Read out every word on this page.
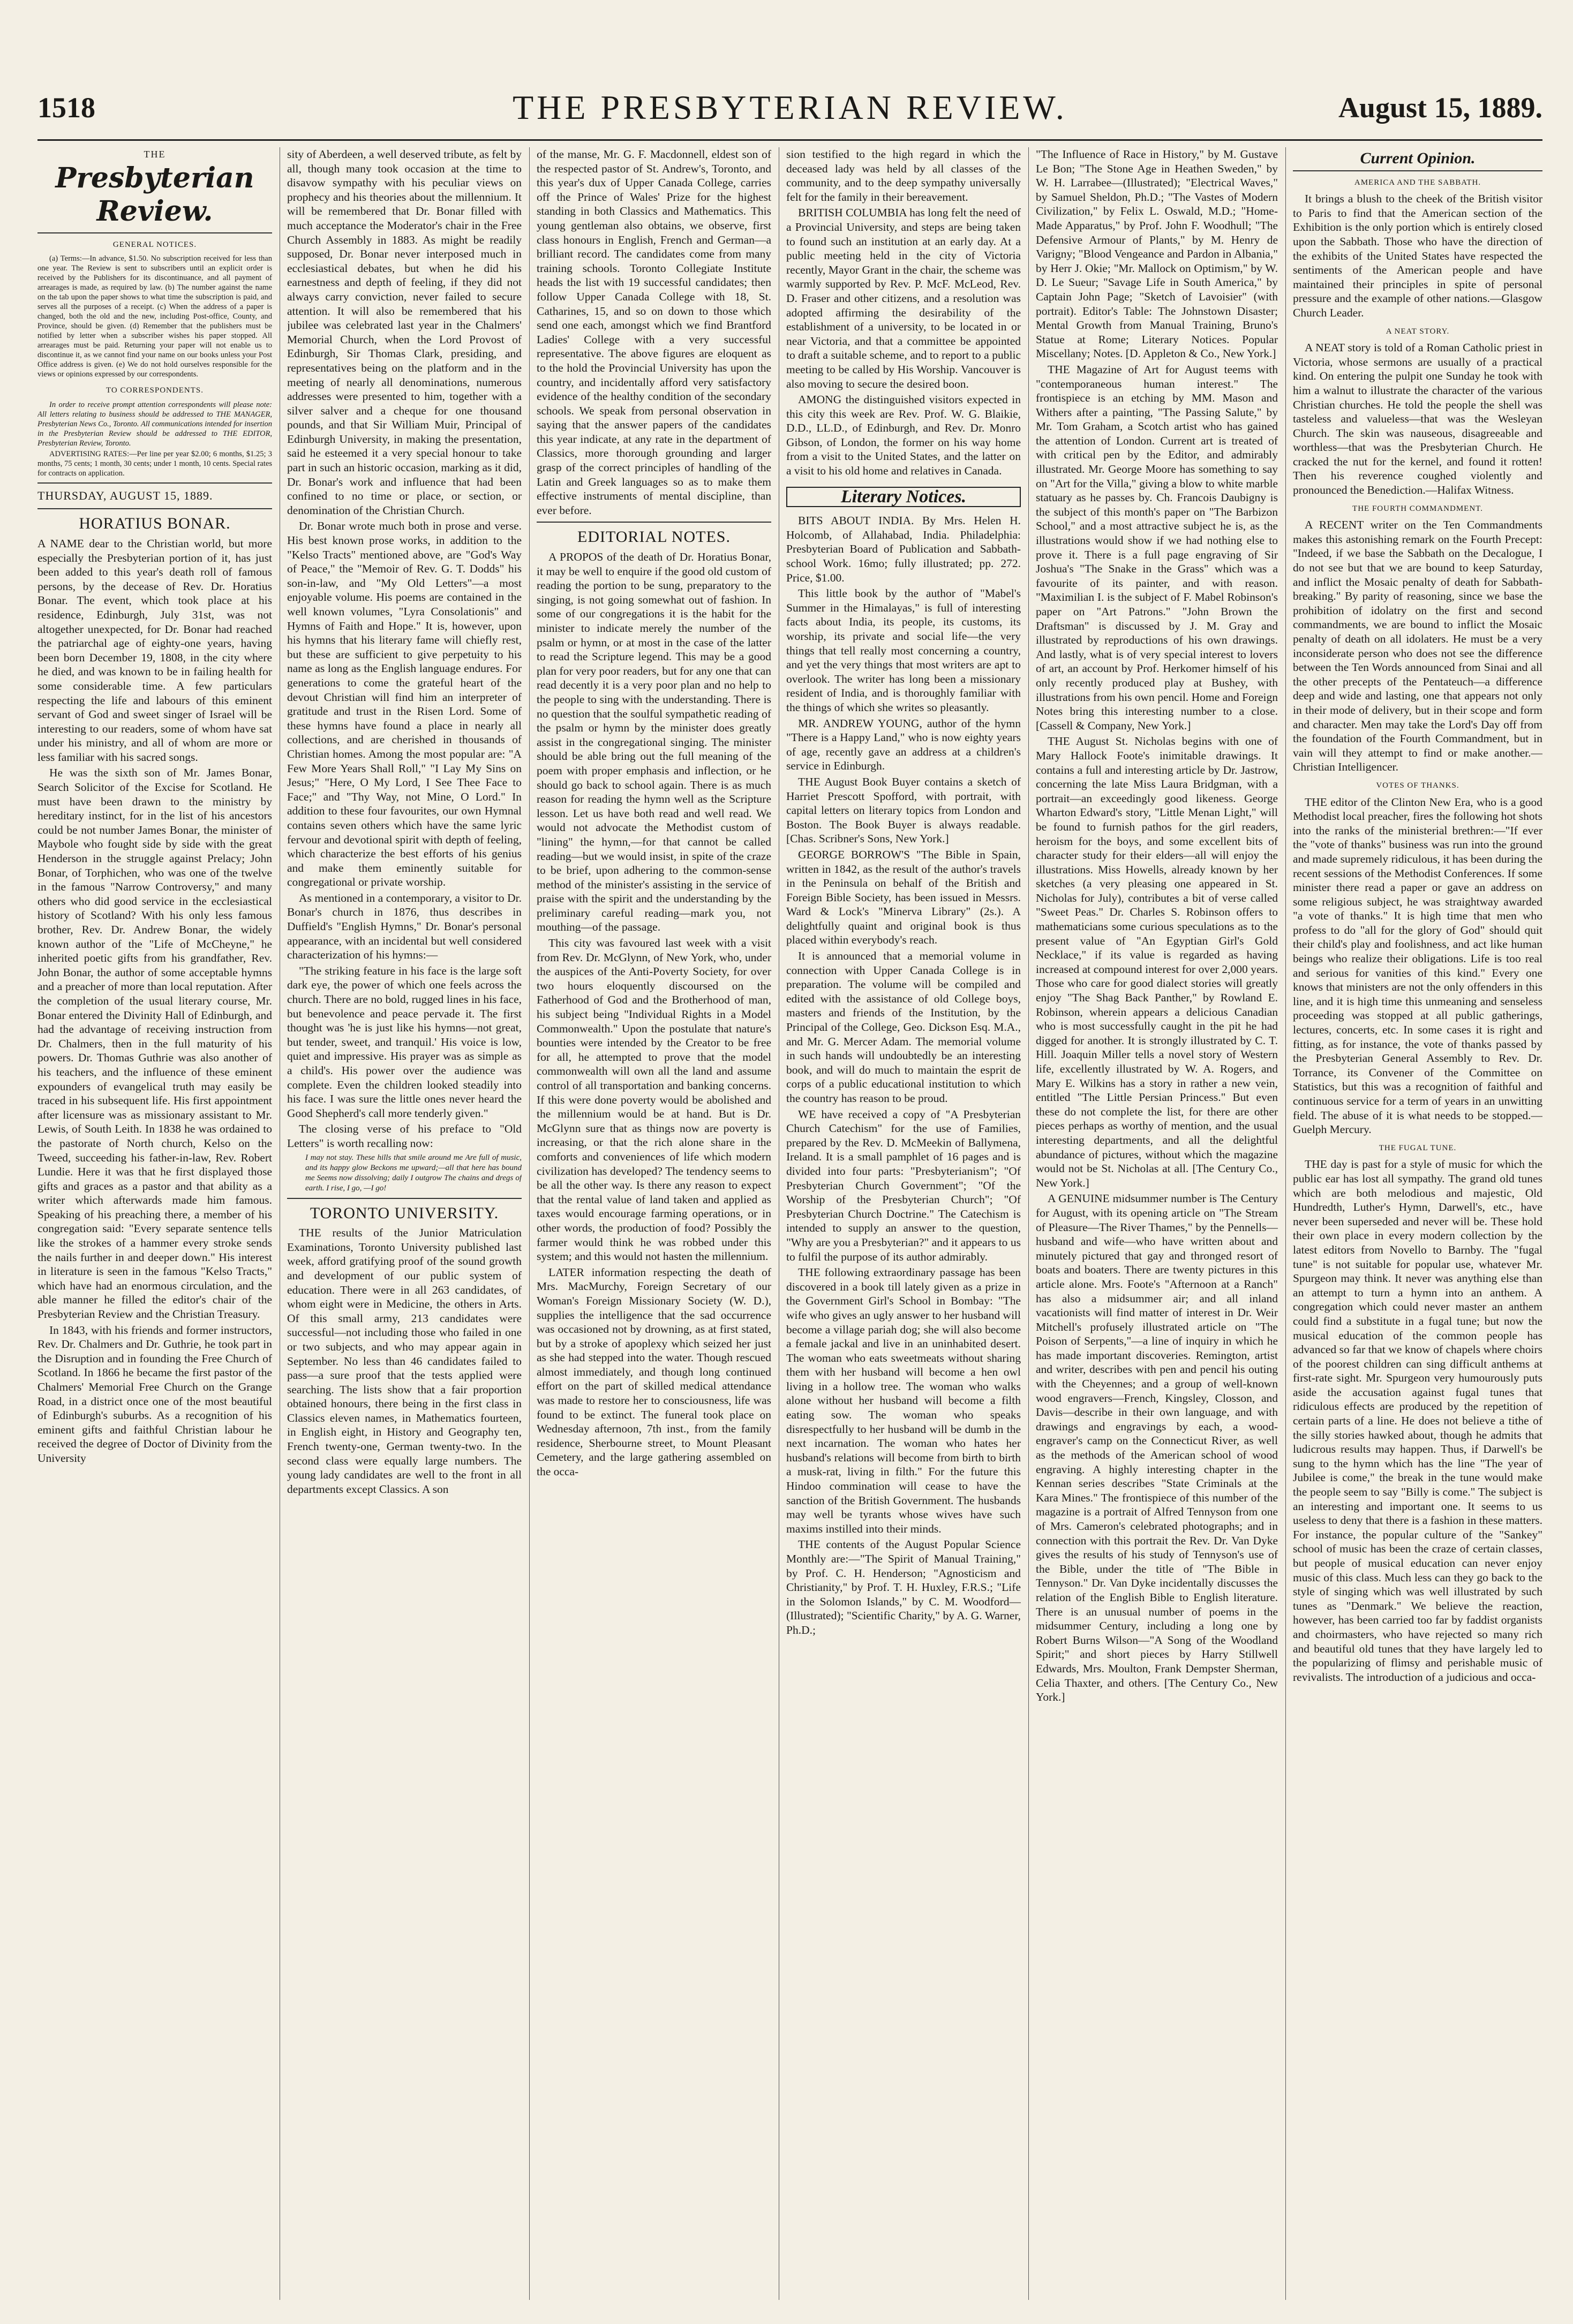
1518	THE PRESBYTERIAN REVIEW.	August 15, 1889.
THE
Presbyterian Review.
GENERAL NOTICES.

(a) Terms:—In advance, $1.50. No subscription received for less than one year. The Review is sent to subscribers until an explicit order is received by the Publishers for its discontinuance, and all payment of arrearages is made, as required by law. (b) The number against the name on the tab upon the paper shows to what time the subscription is paid, and serves all the purposes of a receipt. (c) When the address of a paper is changed, both the old and the new, including Post-office, County, and Province, should be given. (d) Remember that the publishers must be notified by letter when a subscriber wishes his paper stopped. All arrearages must be paid. Returning your paper will not enable us to discontinue it, as we cannot find your name on our books unless your Post Office address is given. (e) We do not hold ourselves responsible for the views or opinions expressed by our correspondents.

TO CORRESPONDENTS.

In order to receive prompt attention correspondents will please note: All letters relating to business should be addressed to THE MANAGER, Presbyterian News Co., Toronto. All communications intended for insertion in the Presbyterian Review should be addressed to THE EDITOR, Presbyterian Review, Toronto.

ADVERTISING RATES:—Per line per year $2.00; 6 months, $1.25; 3 months, 75 cents; 1 month, 30 cents; under 1 month, 10 cents. Special rates for contracts on application.

THURSDAY, AUGUST 15, 1889.
HORATIUS BONAR.

A NAME dear to the Christian world, but more especially the Presbyterian portion of it, has just been added to this year's death roll of famous persons, by the decease of Rev. Dr. Horatius Bonar. The event, which took place at his residence, Edinburgh, July 31st, was not altogether unexpected, for Dr. Bonar had reached the patriarchal age of eighty-one years, having been born December 19, 1808, in the city where he died, and was known to be in failing health for some considerable time. A few particulars respecting the life and labours of this eminent servant of God and sweet singer of Israel will be interesting to our readers, some of whom have sat under his ministry, and all of whom are more or less familiar with his sacred songs.

He was the sixth son of Mr. James Bonar, Search Solicitor of the Excise for Scotland. He must have been drawn to the ministry by hereditary instinct, for in the list of his ancestors could be not number James Bonar, the minister of Maybole who fought side by side with the great Henderson in the struggle against Prelacy; John Bonar, of Torphichen, who was one of the twelve in the famous "Narrow Controversy," and many others who did good service in the ecclesiastical history of Scotland? With his only less famous brother, Rev. Dr. Andrew Bonar, the widely known author of the "Life of McCheyne," he inherited poetic gifts from his grandfather, Rev. John Bonar, the author of some acceptable hymns and a preacher of more than local reputation. After the completion of the usual literary course, Mr. Bonar entered the Divinity Hall of Edinburgh, and had the advantage of receiving instruction from Dr. Chalmers, then in the full maturity of his powers. Dr. Thomas Guthrie was also another of his teachers, and the influence of these eminent expounders of evangelical truth may easily be traced in his subsequent life. His first appointment after licensure was as missionary assistant to Mr. Lewis, of South Leith. In 1838 he was ordained to the pastorate of North church, Kelso on the Tweed, succeeding his father-in-law, Rev. Robert Lundie. Here it was that he first displayed those gifts and graces as a pastor and that ability as a writer which afterwards made him famous. Speaking of his preaching there, a member of his congregation said: "Every separate sentence tells like the strokes of a hammer every stroke sends the nails further in and deeper down." His interest in literature is seen in the famous "Kelso Tracts," which have had an enormous circulation, and the able manner he filled the editor's chair of the Presbyterian Review and the Christian Treasury.

In 1843, with his friends and former instructors, Rev. Dr. Chalmers and Dr. Guthrie, he took part in the Disruption and in founding the Free Church of Scotland. In 1866 he became the first pastor of the Chalmers' Memorial Free Church on the Grange Road, in a district once one of the most beautiful of Edinburgh's suburbs. As a recognition of his eminent gifts and faithful Christian labour he received the degree of Doctor of Divinity from the University

sity of Aberdeen, a well deserved tribute, as felt by all, though many took occasion at the time to disavow sympathy with his peculiar views on prophecy and his theories about the millennium. It will be remembered that Dr. Bonar filled with much acceptance the Moderator's chair in the Free Church Assembly in 1883. As might be readily supposed, Dr. Bonar never interposed much in ecclesiastical debates, but when he did his earnestness and depth of feeling, if they did not always carry conviction, never failed to secure attention. It will also be remembered that his jubilee was celebrated last year in the Chalmers' Memorial Church, when the Lord Provost of Edinburgh, Sir Thomas Clark, presiding, and representatives being on the platform and in the meeting of nearly all denominations, numerous addresses were presented to him, together with a silver salver and a cheque for one thousand pounds, and that Sir William Muir, Principal of Edinburgh University, in making the presentation, said he esteemed it a very special honour to take part in such an historic occasion, marking as it did, Dr. Bonar's work and influence that had been confined to no time or place, or section, or denomination of the Christian Church.

Dr. Bonar wrote much both in prose and verse. His best known prose works, in addition to the "Kelso Tracts" mentioned above, are "God's Way of Peace," the "Memoir of Rev. G. T. Dodds" his son-in-law, and "My Old Letters"—a most enjoyable volume. His poems are contained in the well known volumes, "Lyra Consolationis" and Hymns of Faith and Hope." It is, however, upon his hymns that his literary fame will chiefly rest, but these are sufficient to give perpetuity to his name as long as the English language endures. For generations to come the grateful heart of the devout Christian will find him an interpreter of gratitude and trust in the Risen Lord. Some of these hymns have found a place in nearly all collections, and are cherished in thousands of Christian homes. Among the most popular are: "A Few More Years Shall Roll," "I Lay My Sins on Jesus;" "Here, O My Lord, I See Thee Face to Face;" and "Thy Way, not Mine, O Lord." In addition to these four favourites, our own Hymnal contains seven others which have the same lyric fervour and devotional spirit with depth of feeling, which characterize the best efforts of his genius and make them eminently suitable for congregational or private worship.

As mentioned in a contemporary, a visitor to Dr. Bonar's church in 1876, thus describes in Duffield's "English Hymns," Dr. Bonar's personal appearance, with an incidental but well considered characterization of his hymns:—

"The striking feature in his face is the large soft dark eye, the power of which one feels across the church. There are no bold, rugged lines in his face, but benevolence and peace pervade it. The first thought was 'he is just like his hymns—not great, but tender, sweet, and tranquil.' His voice is low, quiet and impressive. His prayer was as simple as a child's. His power over the audience was complete. Even the children looked steadily into his face. I was sure the little ones never heard the Good Shepherd's call more tenderly given."

The closing verse of his preface to "Old Letters" is worth recalling now:

I may not stay. These hills that smile around me Are full of music, and its happy glow Beckons me upward;—all that here has bound me Seems now dissolving; daily I outgrow The chains and dregs of earth. I rise, I go, —I go!
TORONTO UNIVERSITY.

THE results of the Junior Matriculation Examinations, Toronto University published last week, afford gratifying proof of the sound growth and development of our public system of education. There were in all 263 candidates, of whom eight were in Medicine, the others in Arts. Of this small army, 213 candidates were successful—not including those who failed in one or two subjects, and who may appear again in September. No less than 46 candidates failed to pass—a sure proof that the tests applied were searching. The lists show that a fair proportion obtained honours, there being in the first class in Classics eleven names, in Mathematics fourteen, in English eight, in History and Geography ten, French twenty-one, German twenty-two. In the second class were equally large numbers. The young lady candidates are well to the front in all departments except Classics. A son

of the manse, Mr. G. F. Macdonnell, eldest son of the respected pastor of St. Andrew's, Toronto, and this year's dux of Upper Canada College, carries off the Prince of Wales' Prize for the highest standing in both Classics and Mathematics. This young gentleman also obtains, we observe, first class honours in English, French and German—a brilliant record. The candidates come from many training schools. Toronto Collegiate Institute heads the list with 19 successful candidates; then follow Upper Canada College with 18, St. Catharines, 15, and so on down to those which send one each, amongst which we find Brantford Ladies' College with a very successful representative. The above figures are eloquent as to the hold the Provincial University has upon the country, and incidentally afford very satisfactory evidence of the healthy condition of the secondary schools. We speak from personal observation in saying that the answer papers of the candidates this year indicate, at any rate in the department of Classics, more thorough grounding and larger grasp of the correct principles of handling of the Latin and Greek languages so as to make them effective instruments of mental discipline, than ever before.

EDITORIAL NOTES.

A PROPOS of the death of Dr. Horatius Bonar, it may be well to enquire if the good old custom of reading the portion to be sung, preparatory to the singing, is not going somewhat out of fashion. In some of our congregations it is the habit for the minister to indicate merely the number of the psalm or hymn, or at most in the case of the latter to read the Scripture legend. This may be a good plan for very poor readers, but for any one that can read decently it is a very poor plan and no help to the people to sing with the understanding. There is no question that the soulful sympathetic reading of the psalm or hymn by the minister does greatly assist in the congregational singing. The minister should be able bring out the full meaning of the poem with proper emphasis and inflection, or he should go back to school again. There is as much reason for reading the hymn well as the Scripture lesson. Let us have both read and well read. We would not advocate the Methodist custom of "lining" the hymn,—for that cannot be called reading—but we would insist, in spite of the craze to be brief, upon adhering to the common-sense method of the minister's assisting in the service of praise with the spirit and the understanding by the preliminary careful reading—mark you, not mouthing—of the passage.

This city was favoured last week with a visit from Rev. Dr. McGlynn, of New York, who, under the auspices of the Anti-Poverty Society, for over two hours eloquently discoursed on the Fatherhood of God and the Brotherhood of man, his subject being "Individual Rights in a Model Commonwealth." Upon the postulate that nature's bounties were intended by the Creator to be free for all, he attempted to prove that the model commonwealth will own all the land and assume control of all transportation and banking concerns. If this were done poverty would be abolished and the millennium would be at hand. But is Dr. McGlynn sure that as things now are poverty is increasing, or that the rich alone share in the comforts and conveniences of life which modern civilization has developed? The tendency seems to be all the other way. Is there any reason to expect that the rental value of land taken and applied as taxes would encourage farming operations, or in other words, the production of food? Possibly the farmer would think he was robbed under this system; and this would not hasten the millennium.

LATER information respecting the death of Mrs. MacMurchy, Foreign Secretary of our Woman's Foreign Missionary Society (W. D.), supplies the intelligence that the sad occurrence was occasioned not by drowning, as at first stated, but by a stroke of apoplexy which seized her just as she had stepped into the water. Though rescued almost immediately, and though long continued effort on the part of skilled medical attendance was made to restore her to consciousness, life was found to be extinct. The funeral took place on Wednesday afternoon, 7th inst., from the family residence, Sherbourne street, to Mount Pleasant Cemetery, and the large gathering assembled on the occa-

sion testified to the high regard in which the deceased lady was held by all classes of the community, and to the deep sympathy universally felt for the family in their bereavement.

BRITISH COLUMBIA has long felt the need of a Provincial University, and steps are being taken to found such an institution at an early day. At a public meeting held in the city of Victoria recently, Mayor Grant in the chair, the scheme was warmly supported by Rev. P. McF. McLeod, Rev. D. Fraser and other citizens, and a resolution was adopted affirming the desirability of the establishment of a university, to be located in or near Victoria, and that a committee be appointed to draft a suitable scheme, and to report to a public meeting to be called by His Worship. Vancouver is also moving to secure the desired boon.

AMONG the distinguished visitors expected in this city this week are Rev. Prof. W. G. Blaikie, D.D., LL.D., of Edinburgh, and Rev. Dr. Monro Gibson, of London, the former on his way home from a visit to the United States, and the latter on a visit to his old home and relatives in Canada.

Literary Notices.

BITS ABOUT INDIA. By Mrs. Helen H. Holcomb, of Allahabad, India. Philadelphia: Presbyterian Board of Publication and Sabbath-school Work. 16mo; fully illustrated; pp. 272. Price, $1.00.

This little book by the author of "Mabel's Summer in the Himalayas," is full of interesting facts about India, its people, its customs, its worship, its private and social life—the very things that tell really most concerning a country, and yet the very things that most writers are apt to overlook. The writer has long been a missionary resident of India, and is thoroughly familiar with the things of which she writes so pleasantly.

MR. ANDREW YOUNG, author of the hymn "There is a Happy Land," who is now eighty years of age, recently gave an address at a children's service in Edinburgh.

THE August Book Buyer contains a sketch of Harriet Prescott Spofford, with portrait, with capital letters on literary topics from London and Boston. The Book Buyer is always readable. [Chas. Scribner's Sons, New York.]

GEORGE BORROW'S "The Bible in Spain, written in 1842, as the result of the author's travels in the Peninsula on behalf of the British and Foreign Bible Society, has been issued in Messrs. Ward & Lock's "Minerva Library" (2s.). A delightfully quaint and original book is thus placed within everybody's reach.

It is announced that a memorial volume in connection with Upper Canada College is in preparation. The volume will be compiled and edited with the assistance of old College boys, masters and friends of the Institution, by the Principal of the College, Geo. Dickson Esq. M.A., and Mr. G. Mercer Adam. The memorial volume in such hands will undoubtedly be an interesting book, and will do much to maintain the esprit de corps of a public educational institution to which the country has reason to be proud.

WE have received a copy of "A Presbyterian Church Catechism" for the use of Families, prepared by the Rev. D. McMeekin of Ballymena, Ireland. It is a small pamphlet of 16 pages and is divided into four parts: "Presbyterianism"; "Of Presbyterian Church Government"; "Of the Worship of the Presbyterian Church"; "Of Presbyterian Church Doctrine." The Catechism is intended to supply an answer to the question, "Why are you a Presbyterian?" and it appears to us to fulfil the purpose of its author admirably.

THE following extraordinary passage has been discovered in a book till lately given as a prize in the Government Girl's School in Bombay: "The wife who gives an ugly answer to her husband will become a village pariah dog; she will also become a female jackal and live in an uninhabited desert. The woman who eats sweetmeats without sharing them with her husband will become a hen owl living in a hollow tree. The woman who walks alone without her husband will become a filth eating sow. The woman who speaks disrespectfully to her husband will be dumb in the next incarnation. The woman who hates her husband's relations will become from birth to birth a musk-rat, living in filth." For the future this Hindoo commination will cease to have the sanction of the British Government. The husbands may well be tyrants whose wives have such maxims instilled into their minds.

THE contents of the August Popular Science Monthly are:—"The Spirit of Manual Training," by Prof. C. H. Henderson; "Agnosticism and Christianity," by Prof. T. H. Huxley, F.R.S.; "Life in the Solomon Islands," by C. M. Woodford—(Illustrated); "Scientific Charity," by A. G. Warner, Ph.D.;

"The Influence of Race in History," by M. Gustave Le Bon; "The Stone Age in Heathen Sweden," by W. H. Larrabee—(Illustrated); "Electrical Waves," by Samuel Sheldon, Ph.D.; "The Vastes of Modern Civilization," by Felix L. Oswald, M.D.; "Home-Made Apparatus," by Prof. John F. Woodhull; "The Defensive Armour of Plants," by M. Henry de Varigny; "Blood Vengeance and Pardon in Albania," by Herr J. Okie; "Mr. Mallock on Optimism," by W. D. Le Sueur; "Savage Life in South America," by Captain John Page; "Sketch of Lavoisier" (with portrait). Editor's Table: The Johnstown Disaster; Mental Growth from Manual Training, Bruno's Statue at Rome; Literary Notices. Popular Miscellany; Notes. [D. Appleton & Co., New York.]

THE Magazine of Art for August teems with "contemporaneous human interest." The frontispiece is an etching by MM. Mason and Withers after a painting, "The Passing Salute," by Mr. Tom Graham, a Scotch artist who has gained the attention of London. Current art is treated of with critical pen by the Editor, and admirably illustrated. Mr. George Moore has something to say on "Art for the Villa," giving a blow to white marble statuary as he passes by. Ch. Francois Daubigny is the subject of this month's paper on "The Barbizon School," and a most attractive subject he is, as the illustrations would show if we had nothing else to prove it. There is a full page engraving of Sir Joshua's "The Snake in the Grass" which was a favourite of its painter, and with reason. "Maximilian I. is the subject of F. Mabel Robinson's paper on "Art Patrons." "John Brown the Draftsman" is discussed by J. M. Gray and illustrated by reproductions of his own drawings. And lastly, what is of very special interest to lovers of art, an account by Prof. Herkomer himself of his only recently produced play at Bushey, with illustrations from his own pencil. Home and Foreign Notes bring this interesting number to a close. [Cassell & Company, New York.]

THE August St. Nicholas begins with one of Mary Hallock Foote's inimitable drawings. It contains a full and interesting article by Dr. Jastrow, concerning the late Miss Laura Bridgman, with a portrait—an exceedingly good likeness. George Wharton Edward's story, "Little Menan Light," will be found to furnish pathos for the girl readers, heroism for the boys, and some excellent bits of character study for their elders—all will enjoy the illustrations. Miss Howells, already known by her sketches (a very pleasing one appeared in St. Nicholas for July), contributes a bit of verse called "Sweet Peas." Dr. Charles S. Robinson offers to mathematicians some curious speculations as to the present value of "An Egyptian Girl's Gold Necklace," if its value is regarded as having increased at compound interest for over 2,000 years. Those who care for good dialect stories will greatly enjoy "The Shag Back Panther," by Rowland E. Robinson, wherein appears a delicious Canadian who is most successfully caught in the pit he had digged for another. It is strongly illustrated by C. T. Hill. Joaquin Miller tells a novel story of Western life, excellently illustrated by W. A. Rogers, and Mary E. Wilkins has a story in rather a new vein, entitled "The Little Persian Princess." But even these do not complete the list, for there are other pieces perhaps as worthy of mention, and the usual interesting departments, and all the delightful abundance of pictures, without which the magazine would not be St. Nicholas at all. [The Century Co., New York.]

A GENUINE midsummer number is The Century for August, with its opening article on "The Stream of Pleasure—The River Thames," by the Pennells—husband and wife—who have written about and minutely pictured that gay and thronged resort of boats and boaters. There are twenty pictures in this article alone. Mrs. Foote's "Afternoon at a Ranch" has also a midsummer air; and all inland vacationists will find matter of interest in Dr. Weir Mitchell's profusely illustrated article on "The Poison of Serpents,"—a line of inquiry in which he has made important discoveries. Remington, artist and writer, describes with pen and pencil his outing with the Cheyennes; and a group of well-known wood engravers—French, Kingsley, Closson, and Davis—describe in their own language, and with drawings and engravings by each, a wood-engraver's camp on the Connecticut River, as well as the methods of the American school of wood engraving. A highly interesting chapter in the Kennan series describes "State Criminals at the Kara Mines." The frontispiece of this number of the magazine is a portrait of Alfred Tennyson from one of Mrs. Cameron's celebrated photographs; and in connection with this portrait the Rev. Dr. Van Dyke gives the results of his study of Tennyson's use of the Bible, under the title of "The Bible in Tennyson." Dr. Van Dyke incidentally discusses the relation of the English Bible to English literature. There is an unusual number of poems in the midsummer Century, including a long one by Robert Burns Wilson—"A Song of the Woodland Spirit;" and short pieces by Harry Stillwell Edwards, Mrs. Moulton, Frank Dempster Sherman, Celia Thaxter, and others. [The Century Co., New York.]

Current Opinion.
AMERICA AND THE SABBATH.

It brings a blush to the cheek of the British visitor to Paris to find that the American section of the Exhibition is the only portion which is entirely closed upon the Sabbath. Those who have the direction of the exhibits of the United States have respected the sentiments of the American people and have maintained their principles in spite of personal pressure and the example of other nations.—Glasgow Church Leader.

A NEAT STORY.

A NEAT story is told of a Roman Catholic priest in Victoria, whose sermons are usually of a practical kind. On entering the pulpit one Sunday he took with him a walnut to illustrate the character of the various Christian churches. He told the people the shell was tasteless and valueless—that was the Wesleyan Church. The skin was nauseous, disagreeable and worthless—that was the Presbyterian Church. He cracked the nut for the kernel, and found it rotten! Then his reverence coughed violently and pronounced the Benediction.—Halifax Witness.

THE FOURTH COMMANDMENT.

A RECENT writer on the Ten Commandments makes this astonishing remark on the Fourth Precept: "Indeed, if we base the Sabbath on the Decalogue, I do not see but that we are bound to keep Saturday, and inflict the Mosaic penalty of death for Sabbath-breaking." By parity of reasoning, since we base the prohibition of idolatry on the first and second commandments, we are bound to inflict the Mosaic penalty of death on all idolaters. He must be a very inconsiderate person who does not see the difference between the Ten Words announced from Sinai and all the other precepts of the Pentateuch—a difference deep and wide and lasting, one that appears not only in their mode of delivery, but in their scope and form and character. Men may take the Lord's Day off from the foundation of the Fourth Commandment, but in vain will they attempt to find or make another.—Christian Intelligencer.

VOTES OF THANKS.

THE editor of the Clinton New Era, who is a good Methodist local preacher, fires the following hot shots into the ranks of the ministerial brethren:—"If ever the "vote of thanks" business was run into the ground and made supremely ridiculous, it has been during the recent sessions of the Methodist Conferences. If some minister there read a paper or gave an address on some religious subject, he was straightway awarded "a vote of thanks." It is high time that men who profess to do "all for the glory of God" should quit their child's play and foolishness, and act like human beings who realize their obligations. Life is too real and serious for vanities of this kind." Every one knows that ministers are not the only offenders in this line, and it is high time this unmeaning and senseless proceeding was stopped at all public gatherings, lectures, concerts, etc. In some cases it is right and fitting, as for instance, the vote of thanks passed by the Presbyterian General Assembly to Rev. Dr. Torrance, its Convener of the Committee on Statistics, but this was a recognition of faithful and continuous service for a term of years in an unwitting field. The abuse of it is what needs to be stopped.—Guelph Mercury.

THE FUGAL TUNE.

THE day is past for a style of music for which the public ear has lost all sympathy. The grand old tunes which are both melodious and majestic, Old Hundredth, Luther's Hymn, Darwell's, etc., have never been superseded and never will be. These hold their own place in every modern collection by the latest editors from Novello to Barnby. The "fugal tune" is not suitable for popular use, whatever Mr. Spurgeon may think. It never was anything else than an attempt to turn a hymn into an anthem. A congregation which could never master an anthem could find a substitute in a fugal tune; but now the musical education of the common people has advanced so far that we know of chapels where choirs of the poorest children can sing difficult anthems at first-rate sight. Mr. Spurgeon very humourously puts aside the accusation against fugal tunes that ridiculous effects are produced by the repetition of certain parts of a line. He does not believe a tithe of the silly stories hawked about, though he admits that ludicrous results may happen. Thus, if Darwell's be sung to the hymn which has the line "The year of Jubilee is come," the break in the tune would make the people seem to say "Billy is come." The subject is an interesting and important one. It seems to us useless to deny that there is a fashion in these matters. For instance, the popular culture of the "Sankey" school of music has been the craze of certain classes, but people of musical education can never enjoy music of this class. Much less can they go back to the style of singing which was well illustrated by such tunes as "Denmark." We believe the reaction, however, has been carried too far by faddist organists and choirmasters, who have rejected so many rich and beautiful old tunes that they have largely led to the popularizing of flimsy and perishable music of revivalists. The introduction of a judicious and occa-
